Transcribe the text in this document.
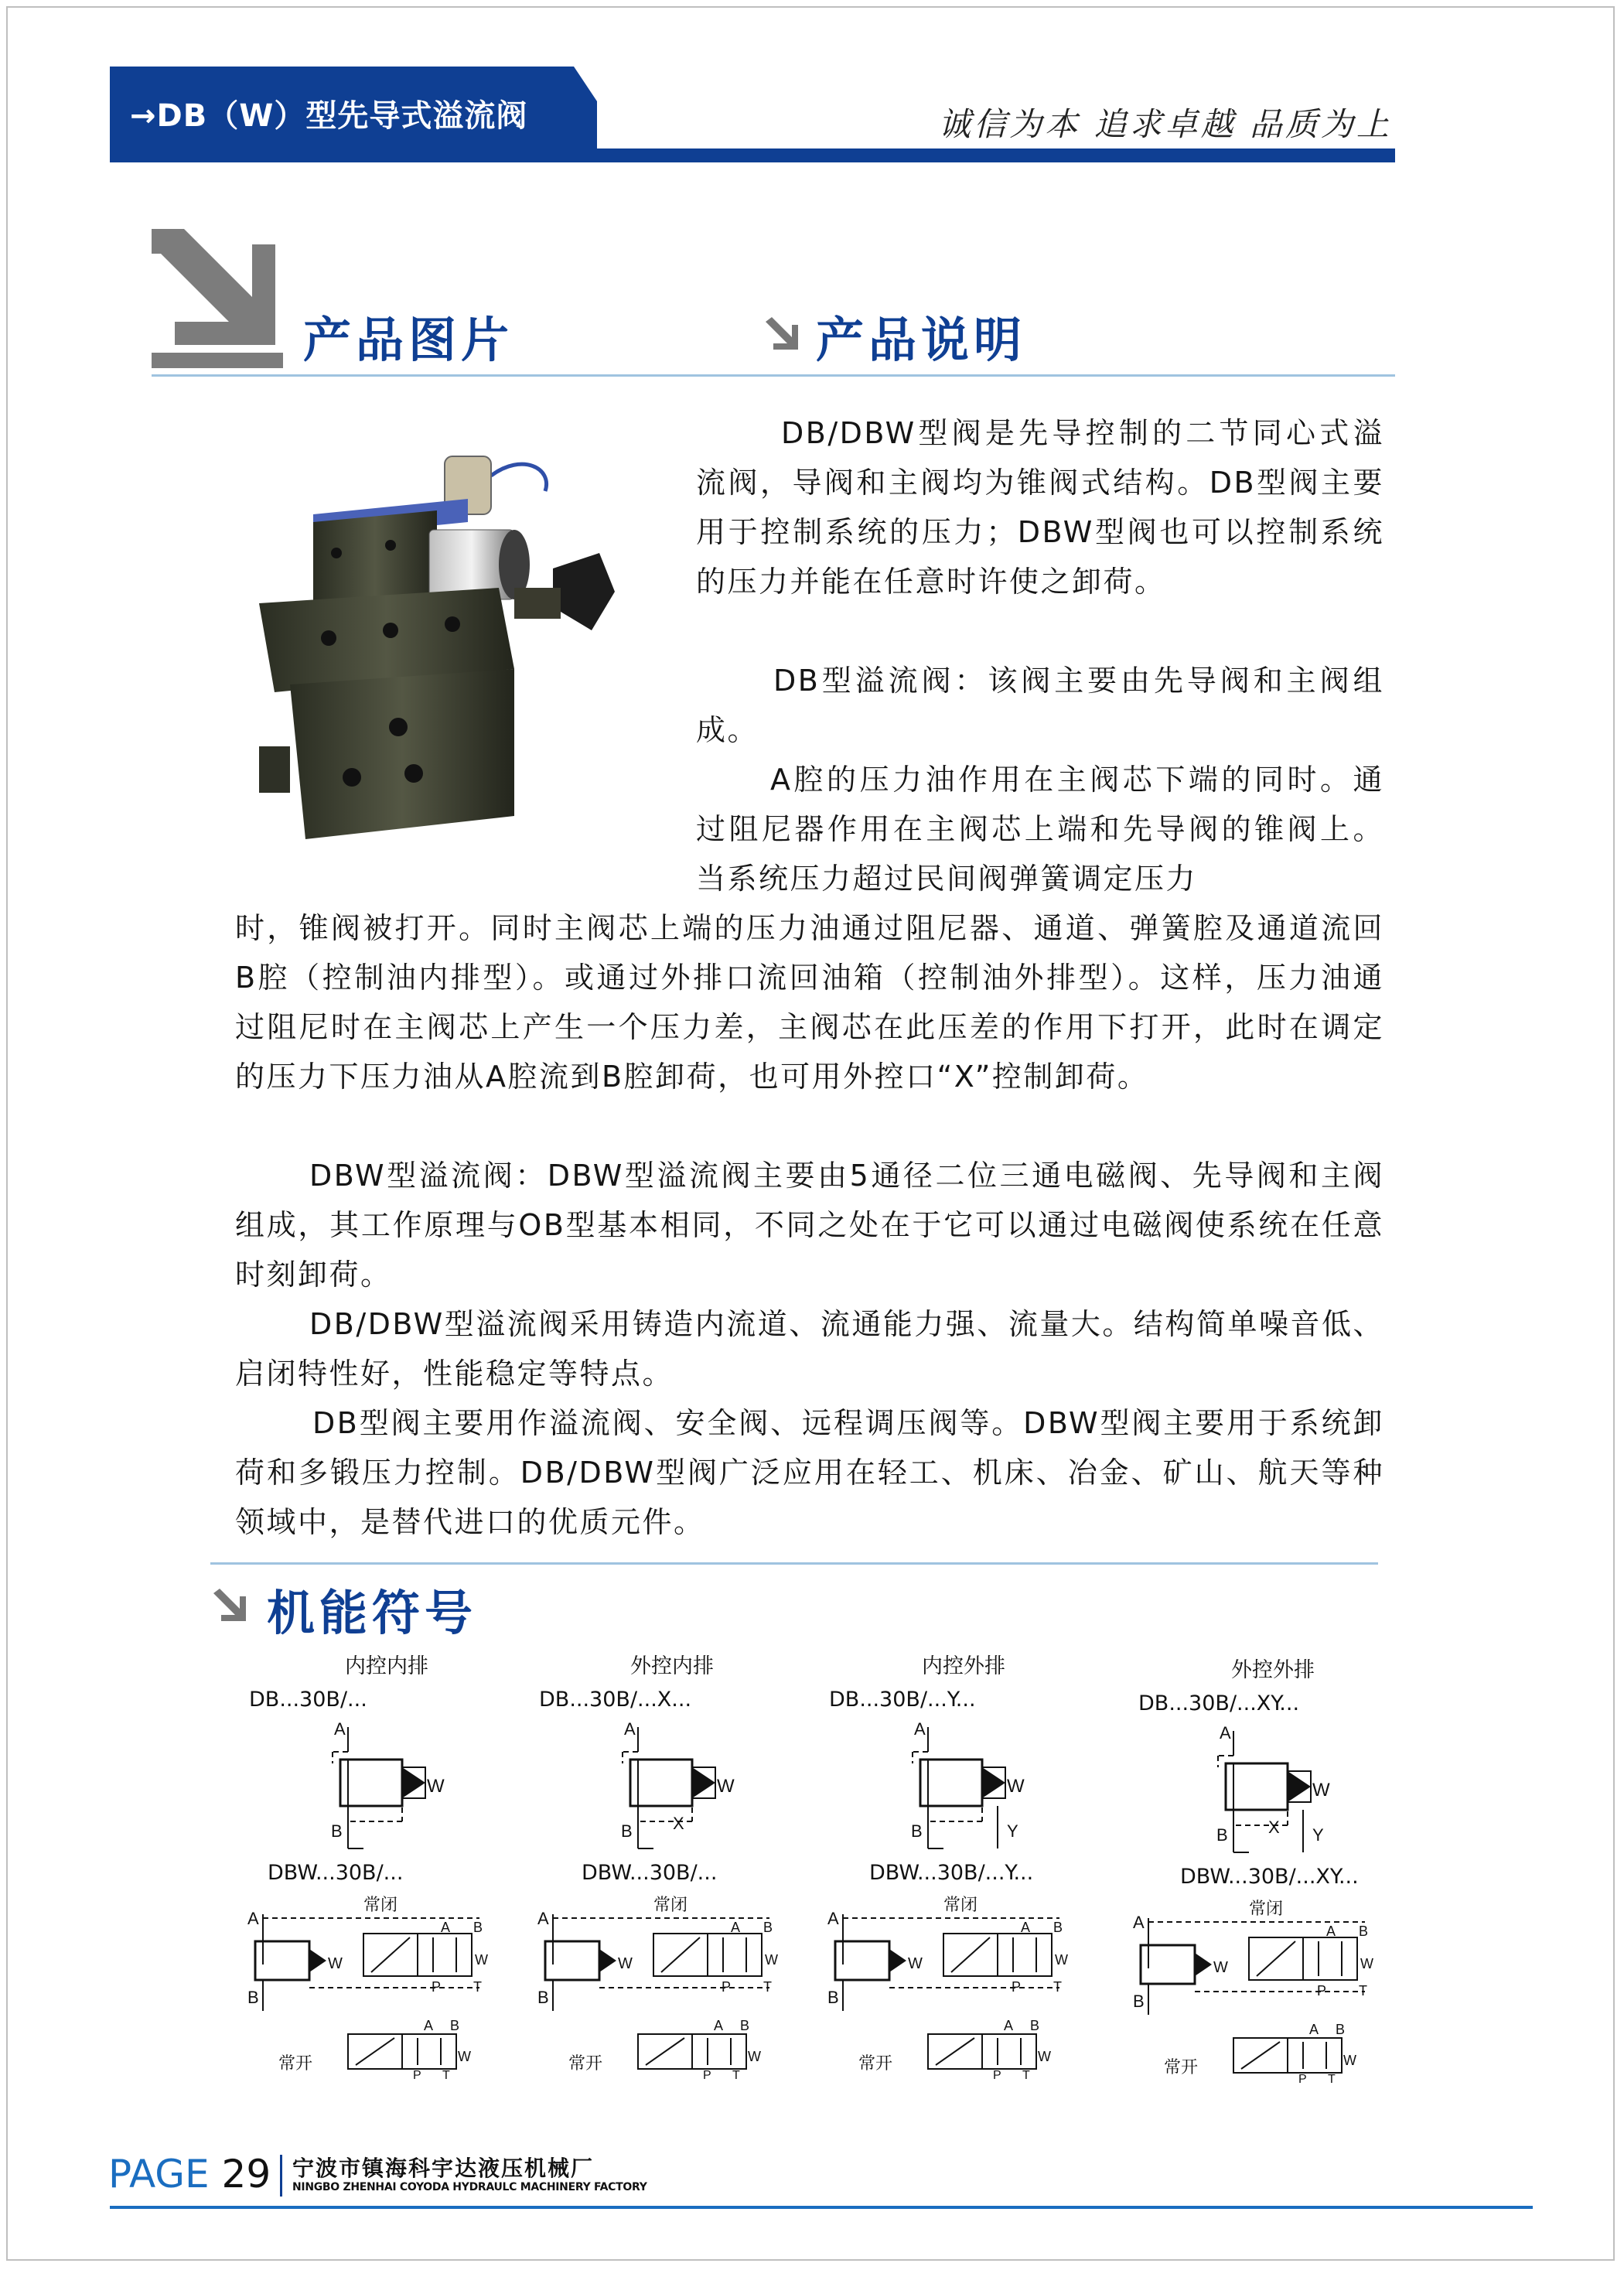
→DB（W）型先导式溢流阀	诚信为本 追求卓越 品质为上
产品图片	产品说明
DB/DBW型阀是先导控制的二节同心式溢流阀，导阀和主阀均为锥阀式结构。DB型阀主要用于控制系统的压力；DBW型阀也可以控制系统的压力并能在任意时许使之卸荷。
DB型溢流阀：该阀主要由先导阀和主阀组成。
A腔的压力油作用在主阀芯下端的同时。通过阻尼器作用在主阀芯上端和先导阀的锥阀上。当系统压力超过民间阀弹簧调定压力
时，锥阀被打开。同时主阀芯上端的压力油通过阻尼器、通道、弹簧腔及通道流回B腔（控制油内排型）。或通过外排口流回油箱（控制油外排型）。这样，压力油通过阻尼时在主阀芯上产生一个压力差，主阀芯在此压差的作用下打开，此时在调定的压力下压力油从A腔流到B腔卸荷，也可用外控口“X”控制卸荷。
DBW型溢流阀：DBW型溢流阀主要由5通径二位三通电磁阀、先导阀和主阀组成，其工作原理与OB型基本相同，不同之处在于它可以通过电磁阀使系统在任意时刻卸荷。
DB/DBW型溢流阀采用铸造内流道、流通能力强、流量大。结构简单噪音低、启闭特性好，性能稳定等特点。
DB型阀主要用作溢流阀、安全阀、远程调压阀等。DBW型阀主要用于系统卸荷和多锻压力控制。DB/DBW型阀广泛应用在轻工、机床、冶金、矿山、航天等种领域中，是替代进口的优质元件。
机能符号
内控内排	外控内排	内控外排	外控外排
DB...30B/...	DB...30B/...X...	DB...30B/...Y...	DB...30B/...XY...
DBW...30B/...	DBW...30B/...	DBW...30B/...Y...	DBW...30B/...XY...
A
W
B
常闭
A
W
B
A B
P T
W
常开
A B
W
P T
A
W
B X
常闭
A
W
B
A B
P T
W
常开
A B
W
P T
A
W
B	Y
常闭
A
W
B
A B
P T
W
常开
A B
W
P T
A
W
B X Y
常闭
A
W
B
A B
P T
W
常开
A B
W
P T
PAGE 29 宁波市镇海科宇达液压机械厂
NINGBO ZHENHAI COYODA HYDRAULC MACHINERY FACTORY
